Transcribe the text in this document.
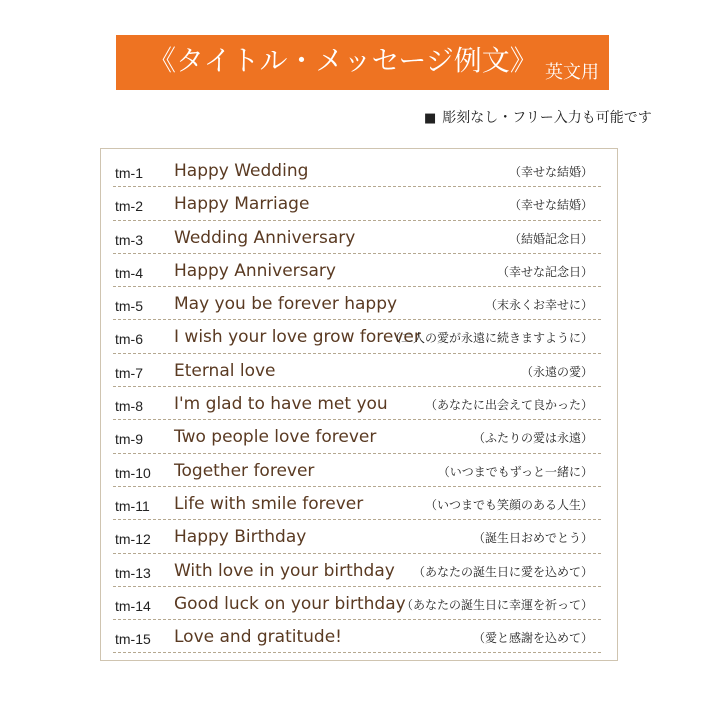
《タイトル・メッセージ例文》 英文用
■ 彫刻なし・フリー入力も可能です
tm-1 Happy Wedding	（幸せな結婚）
tm-2 Happy Marriage	（幸せな結婚）
tm-3 Wedding Anniversary	（結婚記念日）
tm-4 Happy Anniversary	（幸せな記念日）
tm-5 May you be forever happy	（末永くお幸せに）
tm-6 I wish your love grow forever
（二人の愛が永遠に続きますように）
tm-7 Eternal love	（永遠の愛）
tm-8 I'm glad to have met you	（あなたに出会えて良かった）
tm-9 Two people love forever	（ふたりの愛は永遠）
tm-10 Together forever	（いつまでもずっと一緒に）
tm-11 Life with smile forever	（いつまでも笑顔のある人生）
tm-12 Happy Birthday	（誕生日おめでとう）
tm-13 With love in your birthday （あなたの誕生日に愛を込めて）
tm-14 Good luck on your birthday
（あなたの誕生日に幸運を祈って）
tm-15 Love and gratitude!	（愛と感謝を込めて）
